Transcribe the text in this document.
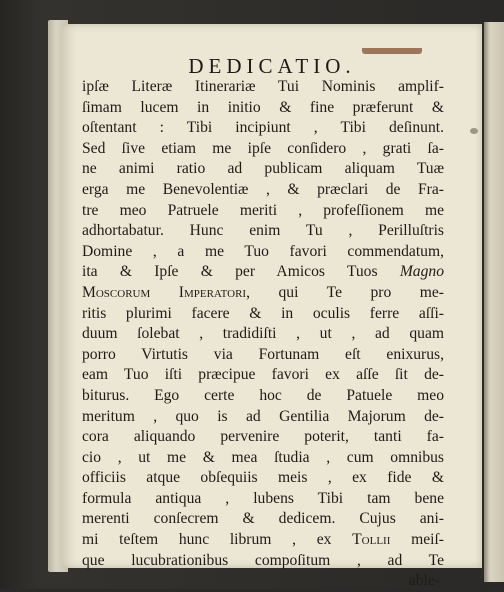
DEDICATIO.
ipſæ Literæ Itinerariæ Tui Nominis amplif-
ſimam lucem in initio & fine præferunt &
oſtentant : Tibi incipiunt , Tibi deſinunt.
Sed ſive etiam me ipſe conſidero , grati ſa-
ne animi ratio ad publicam aliquam Tuæ
erga me Benevolentiæ , & præclari de Fra-
tre meo Patruele meriti , profeſſionem me
adhortabatur. Hunc enim Tu , Perilluſtris
Domine , a me Tuo favori commendatum,
ita & Ipſe & per Amicos Tuos Magno
Moscorum Imperatori, qui Te pro me-
ritis plurimi facere & in oculis ferre aſſi-
duum ſolebat , tradidiſti , ut , ad quam
porro Virtutis via Fortunam eſt enixurus,
eam Tuo iſti præcipue favori ex aſſe ſit de-
biturus. Ego certe hoc de Patuele meo
meritum , quo is ad Gentilia Majorum de-
cora aliquando pervenire poterit, tanti fa-
cio , ut me & mea ſtudia , cum omnibus
officiis atque obſequiis meis , ex fide &
formula antiqua , lubens Tibi tam bene
merenti conſecrem & dedicem. Cujus ani-
mi teſtem hunc librum , ex Tollii meiſ-
que lucubrationibus compoſitum , ad Te
able-
